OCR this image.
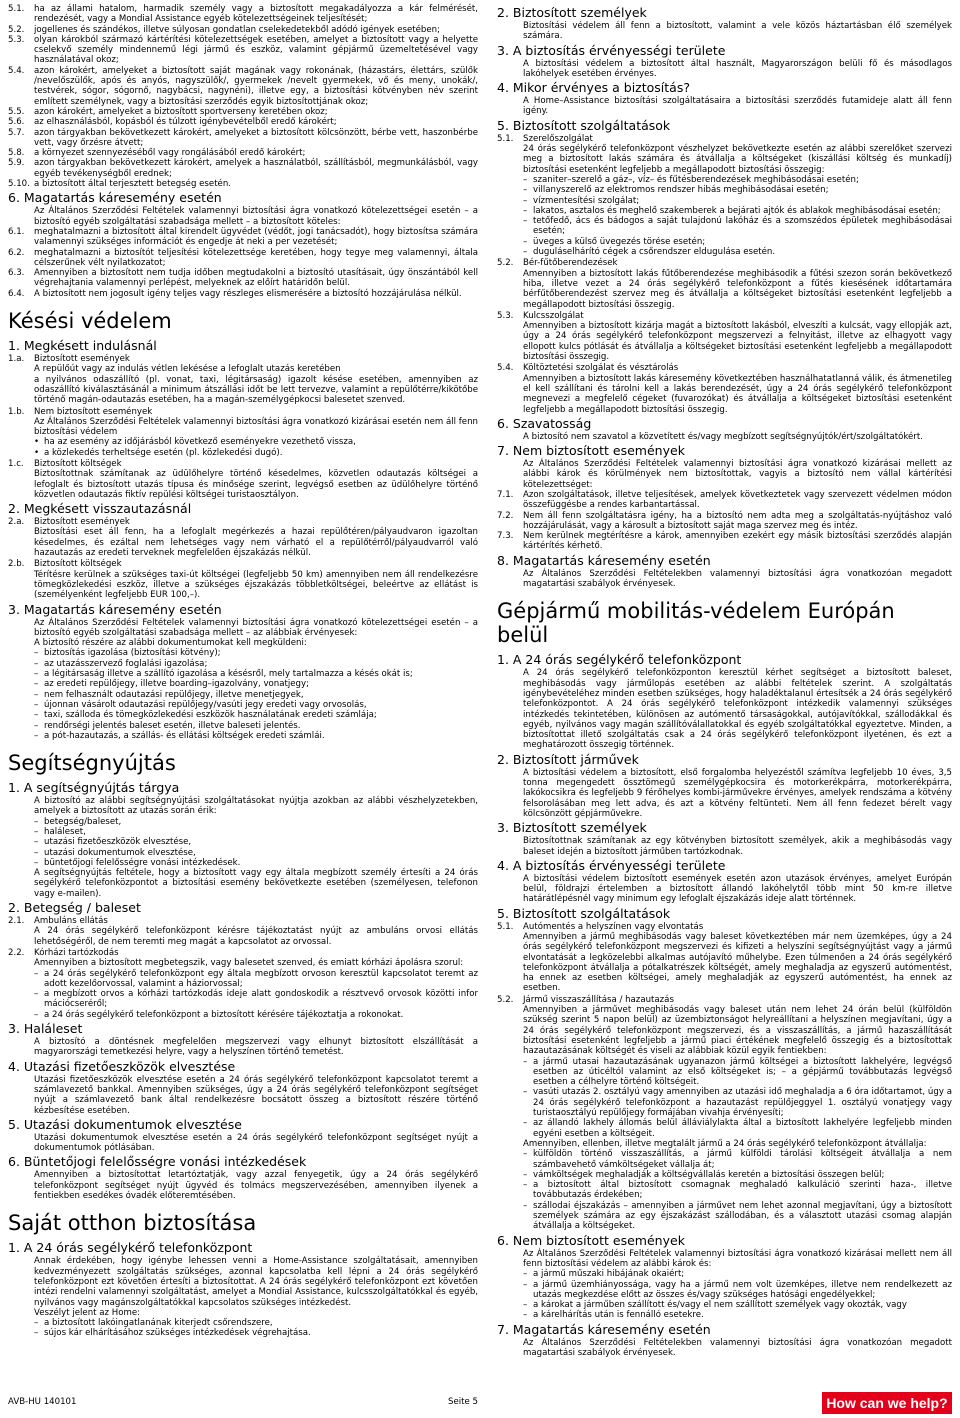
5.1.	ha az állami hatalom, harmadik személy vagy a biztosított megakadályozza a kár felmérését, rendezését, vagy a Mondial Assistance egyéb kötelezettségeinek teljesítését;
5.2.	jogellenes és szándékos, illetve súlyosan gondatlan cselekedetekből adódó igények esetében;
5.3.	olyan károkból származó kártérítési kötelezettségek esetében, amelyet a biztosított vagy a helyette cselekvő személy mindennemű légi jármű és eszköz, valamint gépjármű üzemeltetésével vagy használatával okoz;
5.4.	azon károkért, amelyeket a biztosított saját magának vagy rokonának, (házastárs, élettárs, szülők /nevelőszülők, após és anyós, nagyszülők/, gyermekek /nevelt gyermekek, vő és meny, unokák/, testvérek, sógor, sógornő, nagybácsi, nagynéni), illetve egy, a biztosítási kötvényben név szerint említett személynek, vagy a biztosítási szerződés egyik biztosítottjának okoz;
5.5.	azon károkért, amelyeket a biztosított sportverseny keretében okoz;
5.6.	az elhasználásból, kopásból és túlzott igénybevételből eredő károkért;
5.7.	azon tárgyakban bekövetkezett károkért, amelyeket a biztosított kölcsönzött, bérbe vett, haszonbérbe vett, vagy őrzésre átvett;
5.8.	a környezet szennyezéséből vagy rongálásából eredő károkért;
5.9.	azon tárgyakban bekövetkezett károkért, amelyek a használatból, szállításból, megmunkálásból, vagy egyéb tevékenységből erednek;
5.10. a biztosított által terjesztett betegség esetén.
6. Magatartás káresemény esetén

Az Általános Szerződési Feltételek valamennyi biztosítási ágra vonatkozó kötelezettségei esetén – a biztosító egyéb szolgáltatási szabadsága mellett – a biztosított köteles:

6.1.	meghatalmazni a biztosított által kirendelt ügyvédet (védőt, jogi tanácsadót), hogy biztosítsa számára valamennyi szükséges információt és engedje át neki a per vezetését;
6.2.	meghatalmazni a biztosítót teljesítési kötelezettsége keretében, hogy tegye meg valamennyi, általa célszerűnek vélt nyilatkozatot;
6.3.	Amennyiben a biztosított nem tudja időben megtudakolni a biztosító utasításait, úgy önszántából kell végrehajtania valamennyi perlépést, melyeknek az előírt határidőn belül.
6.4.	A biztosított nem jogosult igény teljes vagy részleges elismerésére a biztosító hozzájárulása nélkül.
Késési védelem
1. Megkésett indulásnál
1.a.	Biztosított események

A repülőút vagy az indulás vétlen lekésése a lefoglalt utazás keretében

a nyilvános odaszállító (pl. vonat, taxi, légitársaság) igazolt késése esetében, amennyiben az odaszállító kiválasztásánál a minimum átszállási időt be lett tervezve, valamint a repülőtérre/kikötőbe történő magán-odautazás esetében, ha a magán-személygépkocsi balesetet szenved.

1.b.	Nem biztosított események

Az Általános Szerződési Feltételek valamennyi biztosítási ágra vonatkozó kizárásai esetén nem áll fenn biztosítási védelem

• ha az esemény az időjárásból következő eseményekre vezethető vissza,
• a közlekedés terheltsége esetén (pl. közlekedési dugó).
1.c.	Biztosított költségek

Biztosítottnak számítanak az üdülőhelyre történő késedelmes, közvetlen odautazás költségei a lefoglalt és biztosított utazás típusa és minősége szerint, legvégső esetben az üdülőhelyre történő közvetlen odautazás fiktív repülési költségei turistaosztályon.

2. Megkésett visszautazásnál
2.a.	Biztosított események

Biztosítási eset áll fenn, ha a lefoglalt megérkezés a hazai repülőtéren/pályaudvaron igazoltan késedelmes, és ezáltal nem lehetséges vagy nem várható el a repülőtérről/pályaudvarról való hazautazás az eredeti terveknek megfelelően éjszakázás nélkül.

2.b.	Biztosított költségek

Térítésre kerülnek a szükséges taxi-út költségei (legfeljebb 50 km) amennyiben nem áll rendelkezésre tömegközlekedési eszköz, illetve a szükséges éjszakázás többletköltségei, beleértve az ellátást is (személyenként legfeljebb EUR 100,–).

3. Magatartás káresemény esetén

Az Általános Szerződési Feltételek valamennyi biztosítási ágra vonatkozó kötelezettségei esetén – a biztosító egyéb szolgáltatási szabadsága mellett – az alábbiak érvényesek:

A biztosító részére az alábbi dokumentumokat kell megküldeni:

– biztosítás igazolása (biztosítási kötvény);
– az utazásszervező foglalási igazolása;
– a légitársaság illetve a szállító igazolása a késésről, mely tartalmazza a késés okát is;
– az eredeti repülőjegy, illetve boarding–igazolvány, vonatjegy;
– nem felhasznált odautazási repülőjegy, illetve menetjegyek,
– újonnan vásárolt odautazási repülőjegy/vasúti jegy eredeti vagy orvosolás,
– taxi, szálloda és tömegközlekedési eszközök használatának eredeti számlája;
– rendőrségi jelentés baleset esetén, illetve baleseti jelentés.
– a pót-hazautazás, a szállás- és ellátási költségek eredeti számlái.
Segítségnyújtás
1. A segítségnyújtás tárgya

A biztosító az alábbi segítségnyújtási szolgáltatásokat nyújtja azokban az alábbi vészhelyzetekben, amelyek a biztosított az utazás során érik:

– betegség/baleset,
– haláleset,
– utazási fizetőeszközök elvesztése,
– utazási dokumentumok elvesztése,
– büntetőjogi felelősségre vonási intézkedések.

A segítségnyújtás feltétele, hogy a biztosított vagy egy általa megbízott személy értesíti a 24 órás segélykérő telefonközpontot a biztosítási esemény bekövetkezte esetében (személyesen, telefonon vagy e-mailen).

2. Betegség / baleset
2.1.	Ambuláns ellátás

A 24 órás segélykérő telefonközpont kérésre tájékoztatást nyújt az ambuláns orvosi ellátás lehetőségéről, de nem teremti meg magát a kapcsolatot az orvossal.

2.2.	Kórházi tartózkodás

Amennyiben a biztosított megbetegszik, vagy balesetet szenved, és emiatt kórházi ápolásra szorul:

– a 24 órás segélykérő telefonközpont egy általa megbízott orvoson keresztül kapcsolatot teremt az adott kezelőorvossal, valamint a háziorvossal;
– a megbízott orvos a kórházi tartózkodás ideje alatt gondoskodik a résztvevő orvosok közötti infor mációcseréről;
– a 24 órás segélykérő telefonközpont a biztosított kérésére tájékoztatja a rokonokat.
3. Haláleset

A biztosító a döntésnek megfelelően megszervezi vagy elhunyt biztosított elszállítását a magyarországi temetkezési helyre, vagy a helyszínen történő temetést.

4. Utazási fizetőeszközök elvesztése

Utazási fizetőeszközök elvesztése esetén a 24 órás segélykérő telefonközpont kapcsolatot teremt a számlavezető bankkal. Amennyiben szükséges, úgy a 24 órás segélykérő telefonközpont segítséget nyújt a számlavezető bank által rendelkezésre bocsátott összeg a biztosított részére történő kézbesítése esetében.

5. Utazási dokumentumok elvesztése

Utazási dokumentumok elvesztése esetén a 24 órás segélykérő telefonközpont segítséget nyújt a dokumentumok pótlásában.

6. Büntetőjogi felelősségre vonási intézkedések

Amennyiben a biztosítottat letartóztatják, vagy azzal fenyegetik, úgy a 24 órás segélykérő telefonközpont segítséget nyújt ügyvéd és tolmács megszervezésében, amennyiben ilyenek a fentiekben esedékes óvadék előteremtésében.

Saját otthon biztosítása
1. A 24 órás segélykérő telefonközpont

Annak érdekében, hogy igénybe lehessen venni a Home-Assistance szolgáltatásait, amennyiben kedvezményezett szolgáltatás szükséges, azonnal kapcsolatba kell lépni a 24 órás segélykérő telefonközpont ezt követően értesíti a biztosítottat. A 24 órás segélykérő telefonközpont ezt követően intézi rendelni valamennyi szolgáltatást, amelyet a Mondial Assistance, kulcsszolgáltatókkal és egyéb, nyilvános vagy magánszolgáltatókkal kapcsolatos szükséges intézkedést.

Veszélyt jelent az Home:

– a biztosított lakóingatlanának kiterjedt csőrendszere,
– sújos kár elhárításához szükséges intézkedések végrehajtása.
2. Biztosított személyek

Biztosítási védelem áll fenn a biztosított, valamint a vele közös háztartásban élő személyek számára.

3. A biztosítás érvényességi területe

A biztosítási védelem a biztosított által használt, Magyarországon belüli fő és másodlagos lakóhelyek esetében érvényes.

4. Mikor érvényes a biztosítás?

A Home–Assistance biztosítási szolgáltatásaira a biztosítási szerződés futamideje alatt áll fenn igény.

5. Biztosított szolgáltatások
5.1.	Szerelőszolgálat

24 órás segélykérő telefonközpont vészhelyzet bekövetkezte esetén az alábbi szerelőket szervezi meg a biztosított lakás számára és átvállalja a költségeket (kiszállási költség és munkadíj) biztosítási esetenként legfeljebb a megállapodott biztosítási összegig:

– szaniter–szerelő a gáz–, víz– és fűtésberendezések meghibásodásai esetén;
– villanyszerelő az elektromos rendszer hibás meghibásodásai esetén;
– vízmentesítési szolgálat;
– lakatos, asztalos és meghelő szakemberek a bejárati ajtók és ablakok meghibásodásai esetén;
– tetőfedő, ács és bádogos a saját tulajdonú lakóház és a szomszédos épületek meghibásodásai esetén;
– üveges a külső üvegezés törése esetén;
– duguláselhárító cégek a csőrendszer eldugulása esetén.
5.2.	Bér-fűtőberendezések

Amennyiben a biztosított lakás fűtőberendezése meghibásodik a fűtési szezon során bekövetkező hiba, illetve vezet a 24 órás segélykérő telefonközpont a fűtés kiesésének időtartamára bérfűtőberendezést szervez meg és átvállalja a költségeket biztosítási esetenként legfeljebb a megállapodott biztosítási összegig.

5.3.	Kulcsszolgálat

Amennyiben a biztosított kizárja magát a biztosított lakásból, elveszíti a kulcsát, vagy ellopják azt, úgy a 24 órás segélykérő telefonközpont megszervezi a felnyitást, illetve az elhagyott vagy ellopott kulcs pótlását és átvállalja a költségeket biztosítási esetenként legfeljebb a megállapodott biztosítási összegig.

5.4.	Költöztetési szolgálat és vésztárolás

Amennyiben a biztosított lakás káresemény következtében használhatatlanná válik, és átmenetileg el kell szállítani és tárolni kell a lakás berendezését, úgy a 24 órás segélykérő telefonközpont megnevezi a megfelelő cégeket (fuvarozókat) és átvállalja a költségeket biztosítási esetenként legfeljebb a megállapodott biztosítási összegig.

6. Szavatosság

A biztosító nem szavatol a közvetített és/vagy megbízott segítségnyújtók/ért/szolgáltatókért.

7. Nem biztosított események

Az Általános Szerződési Feltételek valamennyi biztosítási ágra vonatkozó kizárásai mellett az alábbi károk és körülmények nem biztosítottak, vagyis a biztosító nem vállal kártérítési kötelezettséget:

7.1.	Azon szolgáltatások, illetve teljesítések, amelyek következtetek vagy szervezett védelmen módon összefüggésbe a rendes karbantartással.
7.2.	Nem áll fenn szolgáltatásra igény, ha a biztosító nem adta meg a szolgáltatás-nyújtáshoz való hozzájárulását, vagy a károsult a biztosított saját maga szervez meg és intéz.
7.3.	Nem kerülnek megtérítésre a károk, amennyiben ezekért egy másik biztosítási szerződés alapján kártérítés kérhető.
8. Magatartás káresemény esetén

Az Általános Szerződési Feltételekben valamennyi biztosítási ágra vonatkozóan megadott magatartási szabályok érvényesek.

Gépjármű mobilitás-védelem Európán belül
1. A 24 órás segélykérő telefonközpont

A 24 órás segélykérő telefonközponton keresztül kérhet segítséget a biztosított baleset, meghibásodás vagy járműlopás esetében az alábbi feltételek szerint. A szolgáltatás igénybevételéhez minden esetben szükséges, hogy haladéktalanul értesítsék a 24 órás segélykérő telefonközpontot. A 24 órás segélykérő telefonközpont intézkedik valamennyi szükséges intézkedés tekintetében, különösen az autómentő társaságokkal, autójavítókkal, szállodákkal és egyéb, nyilvános vagy magán szállítóválallatokkal és egyéb szolgáltatókkal egyeztetve. Minden, a biztosítottat illető szolgáltatás csak a 24 órás segélykérő telefonközpont ilyeténen, és ezt a meghatározott összegig történnek.

2. Biztosított járművek

A biztosítási védelem a biztosított, első forgalomba helyezéstől számítva legfeljebb 10 éves, 3,5 tonna megengedett össztömegű személygépkocsira és motorkerékpárra, motorkerékpárra, lakókocsikra és legfeljebb 9 férőhelyes kombi-járművekre érvényes, amelyek rendszáma a kötvény felsorolásában meg lett adva, és azt a kötvény feltünteti. Nem áll fenn fedezet bérelt vagy kölcsönzött gépjárművekre.

3. Biztosított személyek

Biztosítottnak számítanak az egy kötvényben biztosított személyek, akik a meghibásodás vagy baleset idején a biztosított járműben tartózkodnak.

4. A biztosítás érvényességi területe

A biztosítási védelem biztosított események esetén azon utazások érvényes, amelyet Európán belül, földrajzi értelemben a biztosított állandó lakóhelytől több mint 50 km-re illetve határátlépésnél vagy minimum egy lefoglalt éjszakázás ideje alatt történnek.

5. Biztosított szolgáltatások
5.1.	Autómentés a helyszínen vagy elvontatás

Amennyiben a jármű meghibásodás vagy baleset következtében már nem üzemképes, úgy a 24 órás segélykérő telefonközpont megszervezi és kifizeti a helyszíni segítségnyújtást vagy a jármű elvontatását a legközelebbi alkalmas autójavító műhelybe. Ezen túlmenően a 24 órás segélykérő telefonközpont átvállalja a pótalkatrészek költségét, amely meghaladja az egyszerű autómentést, ha ennek az esetben költségei, amely meghaladják az egyszerű autómentést, ha ennek az esetben.

5.2.	Jármű visszaszállítása / hazautazás

Amennyiben a járművet meghibásodás vagy baleset után nem lehet 24 órán belül (külföldön szükség szerint 5 napon belül) az üzembiztonságot helyreállítani a helyszínen megjavítani, úgy a 24 órás segélykérő telefonközpont megszervezi, és a visszaszállítás, a jármű hazaszállítását biztosítási esetenként legfeljebb a jármű piaci értékének megfelelő összegig és a biztosítottak hazautazásának költségét és viseli az alábbiak közül egyik fentiekben:

– a jármű utasai hazautazásának ugyanazon jármű költségei a biztosított lakhelyére, legvégső esetben az úticéltól valamint az első költségeket is; – a gépjármű továbbutazás legvégső esetben a célhelyre történő költségeit.
– vasúti utazás 2. osztályú vagy amennyiben az utazási idő meghaladja a 6 óra időtartamot, úgy a 24 órás segélykérő telefonközpont a hazautazást repülőjeggyel 1. osztályú vonatjegy vagy turistaosztályú repülőjegy formájában vivahja érvényesíti;
– az állandó lakhely állomás belül álláviálylakta által a biztosított lakhelyére legfeljebb minden egyéni esetben a költségeit.

Amennyiben, ellenben, illetve megtalált jármű a 24 órás segélykérő telefonközpont átvállalja:

– külföldön történő visszaszállítás, a jármű külföldi tárolási költségeit átvállalja a nem számbavehető vámköltségeket vállalja át;
– vámköltségek meghaladják a költségvállalás keretén a biztosítási összegen belül;
– a biztosított által biztosított csomagnak meghaladó kalkuláció szerinti haza-, illetve továbbutazás érdekében;
– szállodai éjszakázás – amennyiben a járművet nem lehet azonnal megjavítani, úgy a biztosított személyek számára az egy éjszakázást szállodában, és a választott utazási csomag alapján átvállalja a költségeket.
6. Nem biztosított események

Az Általános Szerződési Feltételek valamennyi biztosítási ágra vonatkozó kizárásai mellett nem áll fenn biztosítási védelem az alábbi károk és:

– a jármű műszaki hibájának okaiért;
– a jármű üzemhiányossága, vagy ha a jármű nem volt üzemképes, illetve nem rendelkezett az utazás megkezdése előtt az összes és/vagy szükséges hatósági engedélyekkel;
– a károkat a járműben szállított és/vagy el nem szállított személyek vagy okozták, vagy
– a kárelhárítás után is fennálló esetekre.
7. Magatartás káresemény esetén

Az Általános Szerződési Feltételekben valamennyi biztosítási ágra vonatkozóan megadott magatartási szabályok érvényesek.

AVB-HU 140101	Seite 5	How can we help?
